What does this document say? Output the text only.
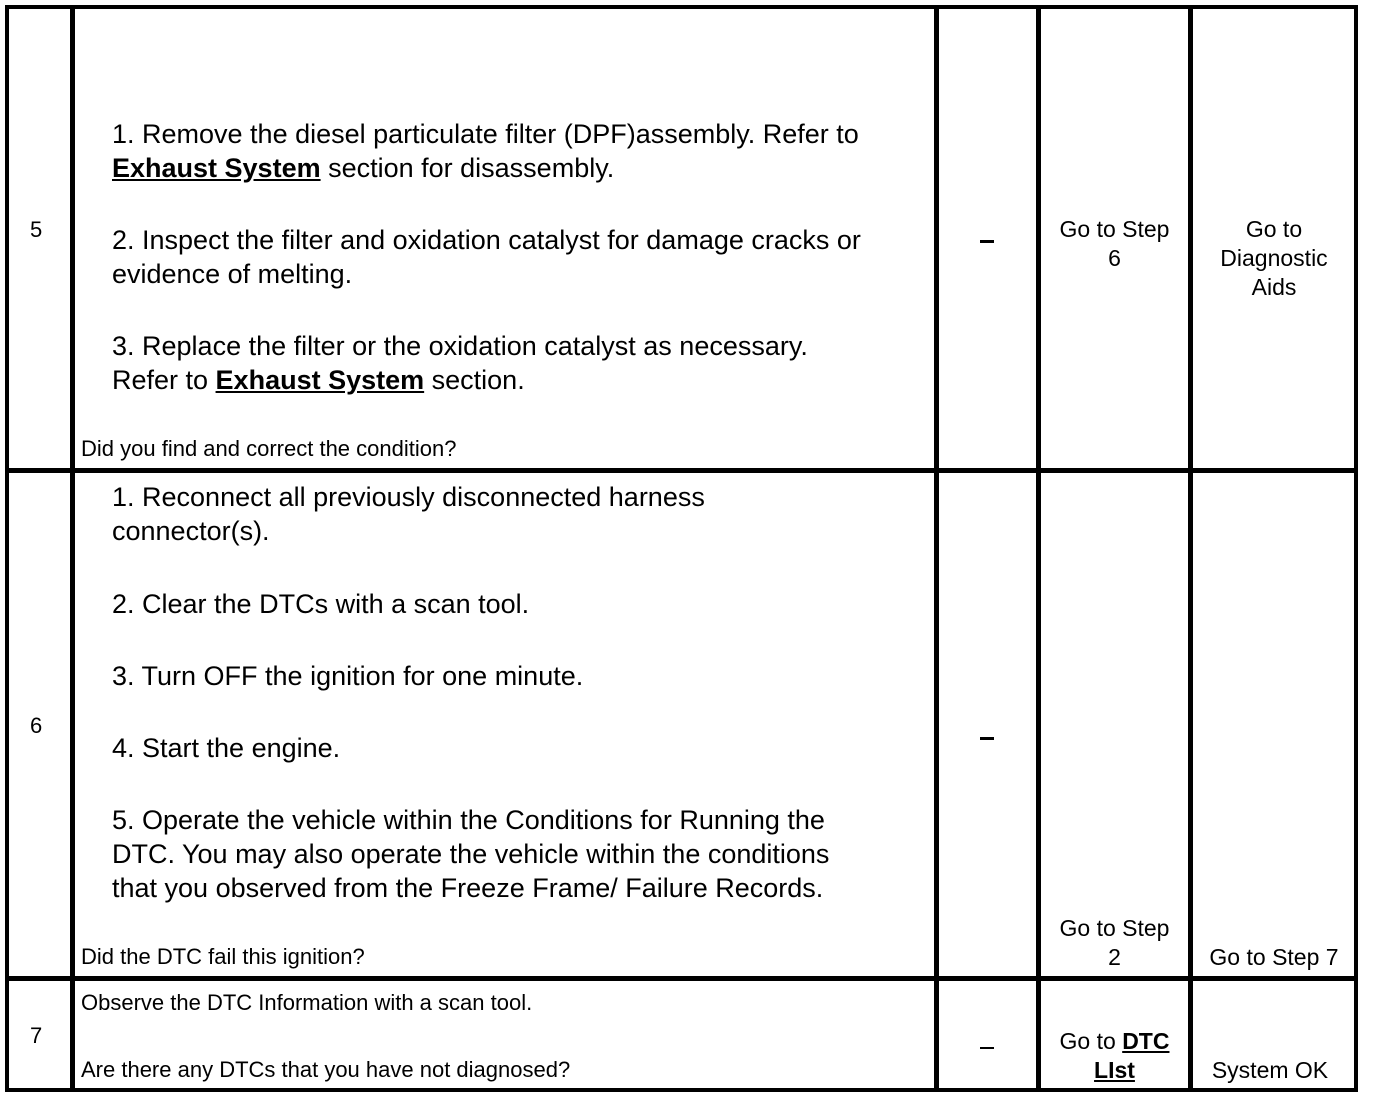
5
1. Remove the diesel particulate filter (DPF)assembly. Refer to
Exhaust System section for disassembly.
2. Inspect the filter and oxidation catalyst for damage cracks or
evidence of melting.
3. Replace the filter or the oxidation catalyst as necessary.
Refer to Exhaust System section.
Did you find and correct the condition?
Go to Step
6
Go to
Diagnostic
Aids
6
1. Reconnect all previously disconnected harness
connector(s).
2. Clear the DTCs with a scan tool.
3. Turn OFF the ignition for one minute.
4. Start the engine.
5. Operate the vehicle within the Conditions for Running the
DTC. You may also operate the vehicle within the conditions
that you observed from the Freeze Frame/ Failure Records.
Did the DTC fail this ignition?
Go to Step
2	Go to Step 7
7
Observe the DTC Information with a scan tool.
Are there any DTCs that you have not diagnosed?
Go to DTC
LIst	System OK
